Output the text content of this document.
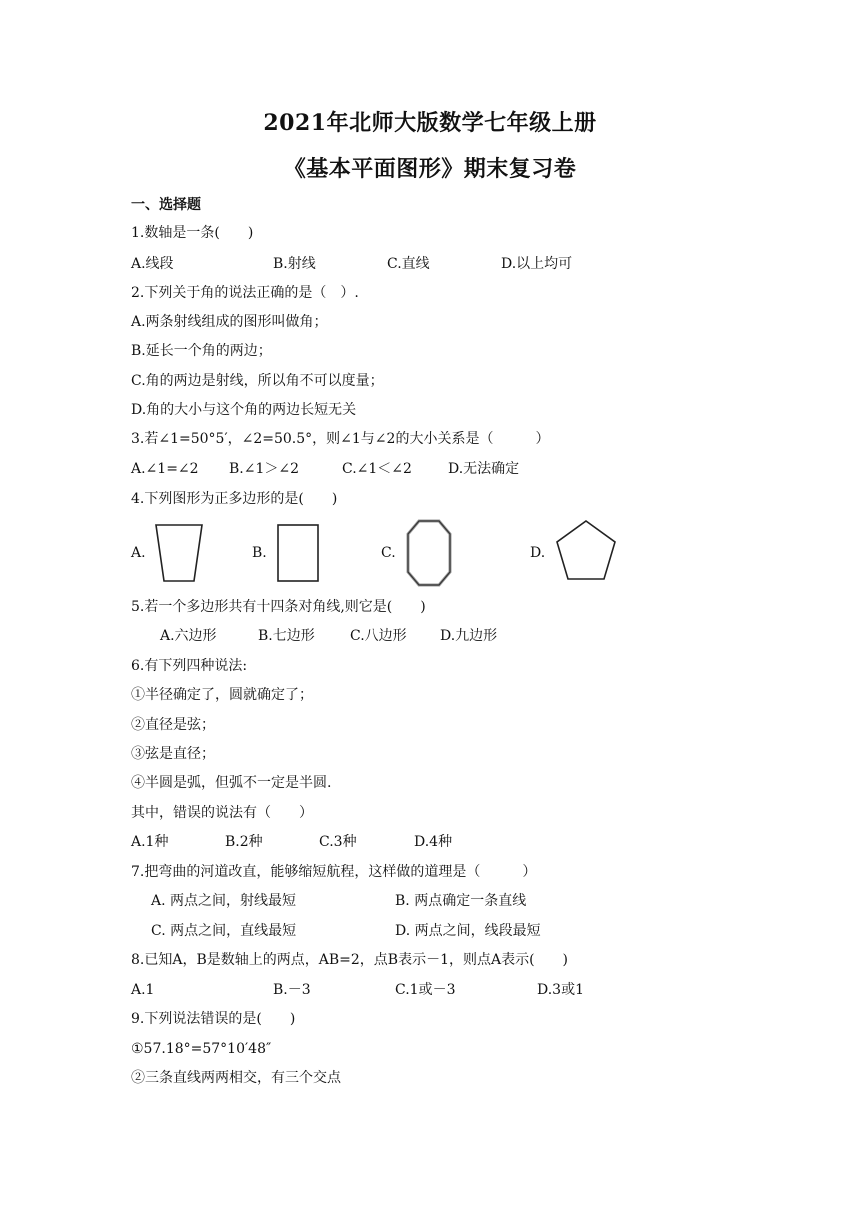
2021年北师大版数学七年级上册
《基本平面图形》期末复习卷
一、选择题
1.数轴是一条(　　)
A.线段	B.射线	C.直线	D.以上均可
2.下列关于角的说法正确的是（　）.
A.两条射线组成的图形叫做角；
B.延长一个角的两边；
C.角的两边是射线，所以角不可以度量；
D.角的大小与这个角的两边长短无关
3.若∠1=50°5′，∠2=50.5°，则∠1与∠2的大小关系是（　　　）
A.∠1=∠2 B.∠1＞∠2	C.∠1＜∠2	D.无法确定
4.下列图形为正多边形的是(　　)
A.	B.	C.	D.
5.若一个多边形共有十四条对角线,则它是(　　)
A.六边形	B.七边形	C.八边形 D.九边形
6.有下列四种说法:
①半径确定了，圆就确定了；
②直径是弦；
③弦是直径；
④半圆是弧，但弧不一定是半圆.
其中，错误的说法有（　　）
A.1种	B.2种	C.3种	D.4种
7.把弯曲的河道改直，能够缩短航程，这样做的道理是（　　　）
A. 两点之间，射线最短	B. 两点确定一条直线
C. 两点之间，直线最短	D. 两点之间，线段最短
8.已知A，B是数轴上的两点，AB=2，点B表示－1，则点A表示(　　)
A.1	B.－3	C.1或－3	D.3或1
9.下列说法错误的是(　　)
①57.18°=57°10′48″
②三条直线两两相交，有三个交点
